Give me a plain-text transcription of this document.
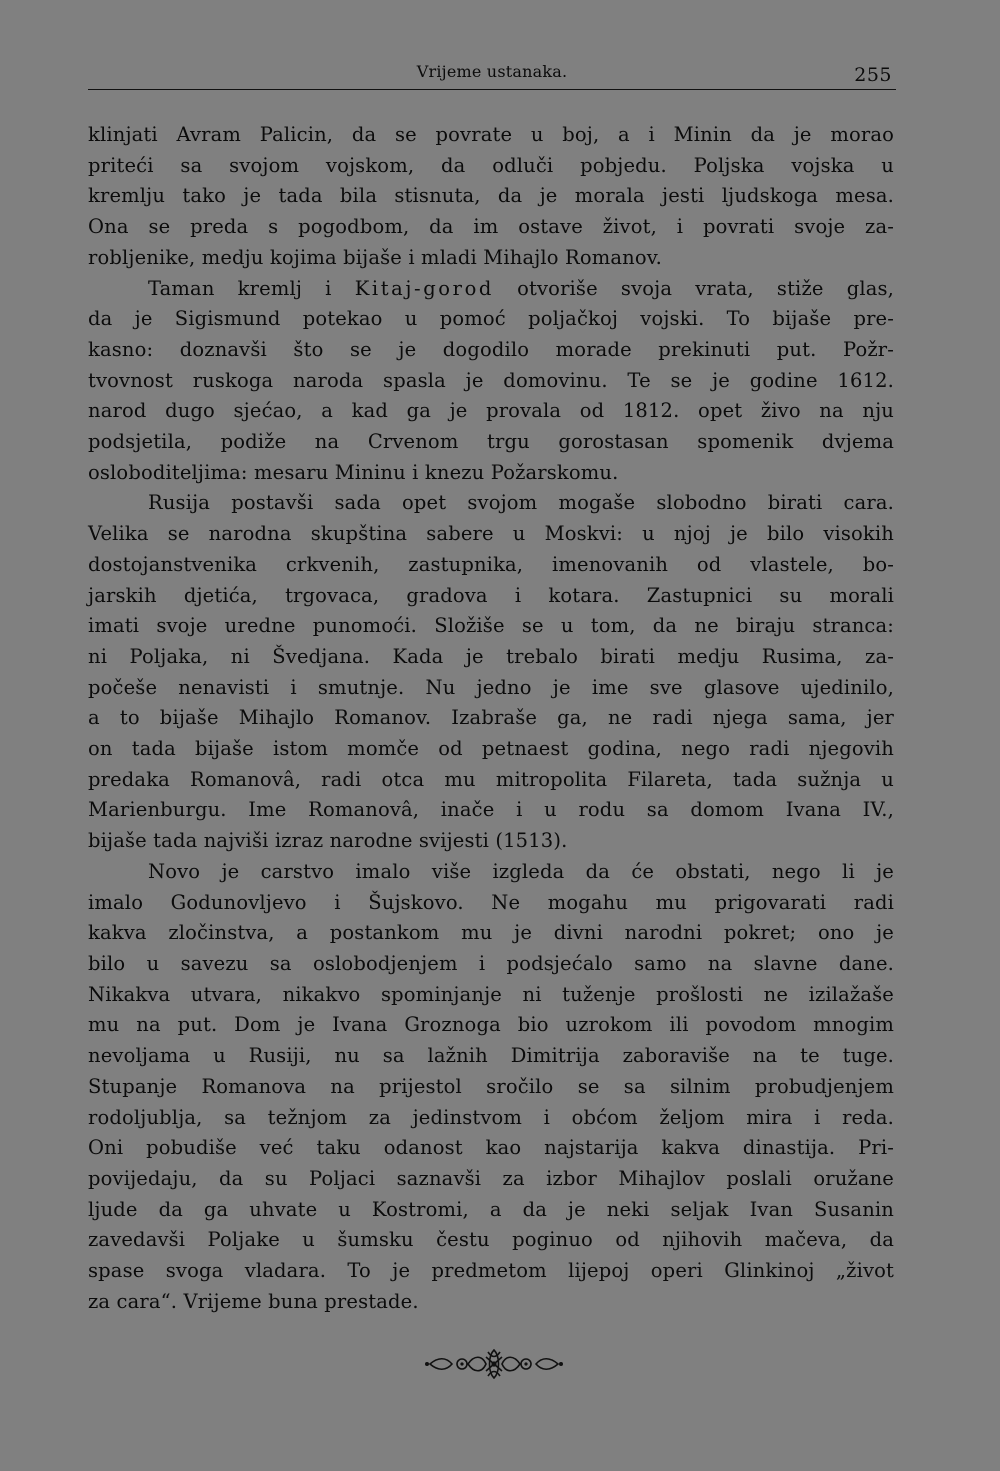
Vrijeme ustanaka.	255

klinjati Avram Palicin, da se povrate u boj, a i Minin da je morao
priteći sa svojom vojskom, da odluči pobjedu. Poljska vojska u
kremlju tako je tada bila stisnuta, da je morala jesti ljudskoga mesa.
Ona se preda s pogodbom, da im ostave život, i povrati svoje za-
robljenike, medju kojima bijaše i mladi Mihajlo Romanov.

Taman kremlj i Kitaj-gorod otvoriše svoja vrata, stiže glas,
da je Sigismund potekao u pomoć poljačkoj vojski. To bijaše pre-
kasno: doznavši što se je dogodilo morade prekinuti put. Požr-
tvovnost ruskoga naroda spasla je domovinu. Te se je godine 1612.
narod dugo sjećao, a kad ga je provala od 1812. opet živo na nju
podsjetila, podiže na Crvenom trgu gorostasan spomenik dvjema
osloboditeljima: mesaru Mininu i knezu Požarskomu.

Rusija postavši sada opet svojom mogaše slobodno birati cara.
Velika se narodna skupština sabere u Moskvi: u njoj je bilo visokih
dostojanstvenika crkvenih, zastupnika, imenovanih od vlastele, bo-
jarskih djetića, trgovaca, gradova i kotara. Zastupnici su morali
imati svoje uredne punomoći. Složiše se u tom, da ne biraju stranca:
ni Poljaka, ni Švedjana. Kada je trebalo birati medju Rusima, za-
počeše nenavisti i smutnje. Nu jedno je ime sve glasove ujedinilo,
a to bijaše Mihajlo Romanov. Izabraše ga, ne radi njega sama, jer
on tada bijaše istom momče od petnaest godina, nego radi njegovih
predaka Romanovâ, radi otca mu mitropolita Filareta, tada sužnja u
Marienburgu. Ime Romanovâ, inače i u rodu sa domom Ivana IV.,
bijaše tada najviši izraz narodne svijesti (1513).

Novo je carstvo imalo više izgleda da će obstati, nego li je
imalo Godunovljevo i Šujskovo. Ne mogahu mu prigovarati radi
kakva zločinstva, a postankom mu je divni narodni pokret; ono je
bilo u savezu sa oslobodjenjem i podsjećalo samo na slavne dane.
Nikakva utvara, nikakvo spominjanje ni tuženje prošlosti ne izilažaše
mu na put. Dom je Ivana Groznoga bio uzrokom ili povodom mnogim
nevoljama u Rusiji, nu sa lažnih Dimitrija zaboraviše na te tuge.
Stupanje Romanova na prijestol sročilo se sa silnim probudjenjem
rodoljublja, sa težnjom za jedinstvom i obćom željom mira i reda.
Oni pobudiše već taku odanost kao najstarija kakva dinastija. Pri-
povijedaju, da su Poljaci saznavši za izbor Mihajlov poslali oružane
ljude da ga uhvate u Kostromi, a da je neki seljak Ivan Susanin
zavedavši Poljake u šumsku čestu poginuo od njihovih mačeva, da
spase svoga vladara. To je predmetom lijepoj operi Glinkinoj „život
za cara“. Vrijeme buna prestade.
